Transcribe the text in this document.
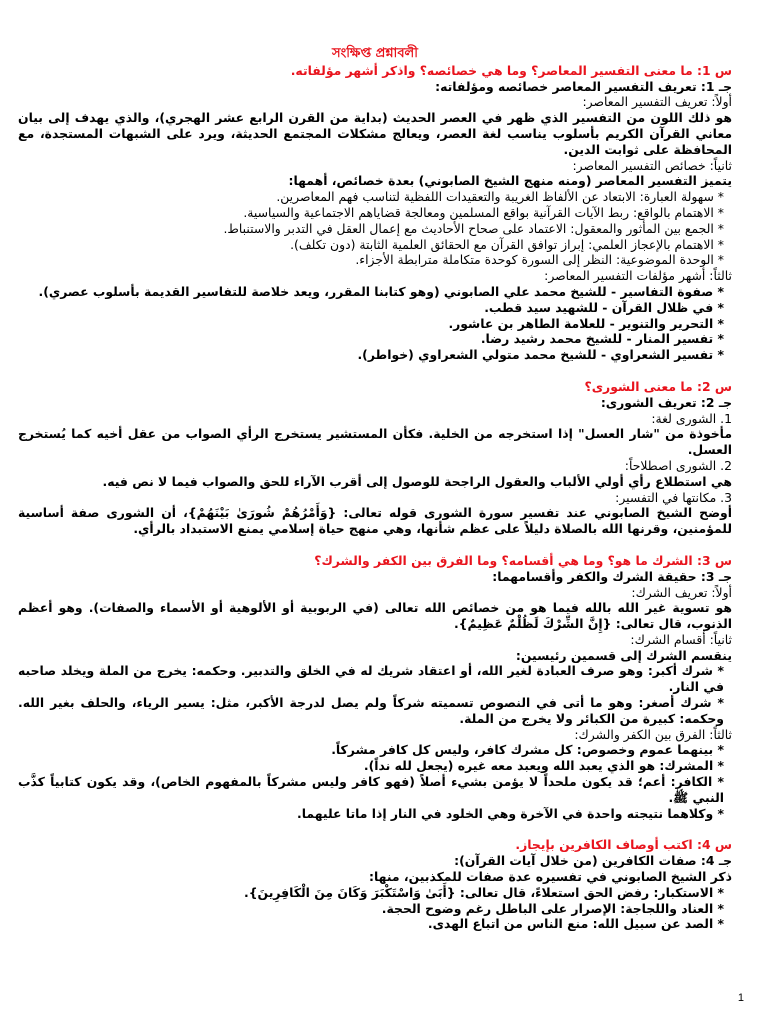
সংক্ষিপ্ত প্রশ্নাবলী
س 1: ما معنى التفسير المعاصر؟ وما هي خصائصه؟ واذكر أشهر مؤلفاته.
جـ 1: تعريف التفسير المعاصر خصائصه ومؤلفاته:
أولاً: تعريف التفسير المعاصر:
هو ذلك اللون من التفسير الذي ظهر في العصر الحديث (بداية من القرن الرابع عشر الهجري)، والذي يهدف إلى بيان معاني القرآن الكريم بأسلوب يناسب لغة العصر، ويعالج مشكلات المجتمع الحديثة، ويرد على الشبهات المستجدة، مع المحافظة على ثوابت الدين.
ثانياً: خصائص التفسير المعاصر:
يتميز التفسير المعاصر (ومنه منهج الشيخ الصابوني) بعدة خصائص، أهمها:
* سهولة العبارة: الابتعاد عن الألفاظ الغريبة والتعقيدات اللفظية لتناسب فهم المعاصرين.
* الاهتمام بالواقع: ربط الآيات القرآنية بواقع المسلمين ومعالجة قضاياهم الاجتماعية والسياسية.
* الجمع بين المأثور والمعقول: الاعتماد على صحاح الأحاديث مع إعمال العقل في التدبر والاستنباط.
* الاهتمام بالإعجاز العلمي: إبراز توافق القرآن مع الحقائق العلمية الثابتة (دون تكلف).
* الوحدة الموضوعية: النظر إلى السورة كوحدة متكاملة مترابطة الأجزاء.
ثالثاً: أشهر مؤلفات التفسير المعاصر:
* صفوة التفاسير - للشيخ محمد علي الصابوني (وهو كتابنا المقرر، ويعد خلاصة للتفاسير القديمة بأسلوب عصري).
* في ظلال القرآن - للشهيد سيد قطب.
* التحرير والتنوير - للعلامة الطاهر بن عاشور.
* تفسير المنار - للشيخ محمد رشيد رضا.
* تفسير الشعراوي - للشيخ محمد متولي الشعراوي (خواطر).
س 2: ما معنى الشورى؟
جـ 2: تعريف الشورى:
1. الشورى لغة:
مأخوذة من "شار العسل" إذا استخرجه من الخلية. فكأن المستشير يستخرج الرأي الصواب من عقل أخيه كما يُستخرج العسل.
2. الشورى اصطلاحاً:
هي استطلاع رأي أولي الألباب والعقول الراجحة للوصول إلى أقرب الآراء للحق والصواب فيما لا نص فيه.
3. مكانتها في التفسير:
أوضح الشيخ الصابوني عند تفسير سورة الشورى قوله تعالى: {وَأَمْرُهُمْ شُورَىٰ بَيْنَهُمْ}، أن الشورى صفة أساسية للمؤمنين، وقرنها الله بالصلاة دليلاً على عظم شأنها، وهي منهج حياة إسلامي يمنع الاستبداد بالرأي.
س 3: الشرك ما هو؟ وما هي أقسامه؟ وما الفرق بين الكفر والشرك؟
جـ 3: حقيقة الشرك والكفر وأقسامهما:
أولاً: تعريف الشرك:
هو تسوية غير الله بالله فيما هو من خصائص الله تعالى (في الربوبية أو الألوهية أو الأسماء والصفات). وهو أعظم الذنوب، قال تعالى: {إِنَّ الشِّرْكَ لَظُلْمٌ عَظِيمٌ}.
ثانياً: أقسام الشرك:
ينقسم الشرك إلى قسمين رئيسين:
* شرك أكبر: وهو صرف العبادة لغير الله، أو اعتقاد شريك له في الخلق والتدبير. وحكمه: يخرج من الملة ويخلد صاحبه في النار.
* شرك أصغر: وهو ما أتى في النصوص تسميته شركاً ولم يصل لدرجة الأكبر، مثل: يسير الرياء، والحلف بغير الله. وحكمه: كبيرة من الكبائر ولا يخرج من الملة.
ثالثاً: الفرق بين الكفر والشرك:
* بينهما عموم وخصوص: كل مشرك كافر، وليس كل كافر مشركاً.
* المشرك: هو الذي يعبد الله ويعبد معه غيره (يجعل لله نداً).
* الكافر: أعم؛ قد يكون ملحداً لا يؤمن بشيء أصلاً (فهو كافر وليس مشركاً بالمفهوم الخاص)، وقد يكون كتابياً كذَّب النبي ﷺ.
* وكلاهما نتيجته واحدة في الآخرة وهي الخلود في النار إذا ماتا عليهما.
س 4: اكتب أوصاف الكافرين بإيجاز.
جـ 4: صفات الكافرين (من خلال آيات القرآن):
ذكر الشيخ الصابوني في تفسيره عدة صفات للمكذبين، منها:
* الاستكبار: رفض الحق استعلاءً، قال تعالى: {أَبَىٰ وَاسْتَكْبَرَ وَكَانَ مِنَ الْكَافِرِينَ}.
* العناد واللجاجة: الإصرار على الباطل رغم وضوح الحجة.
* الصد عن سبيل الله: منع الناس من اتباع الهدى.
1
